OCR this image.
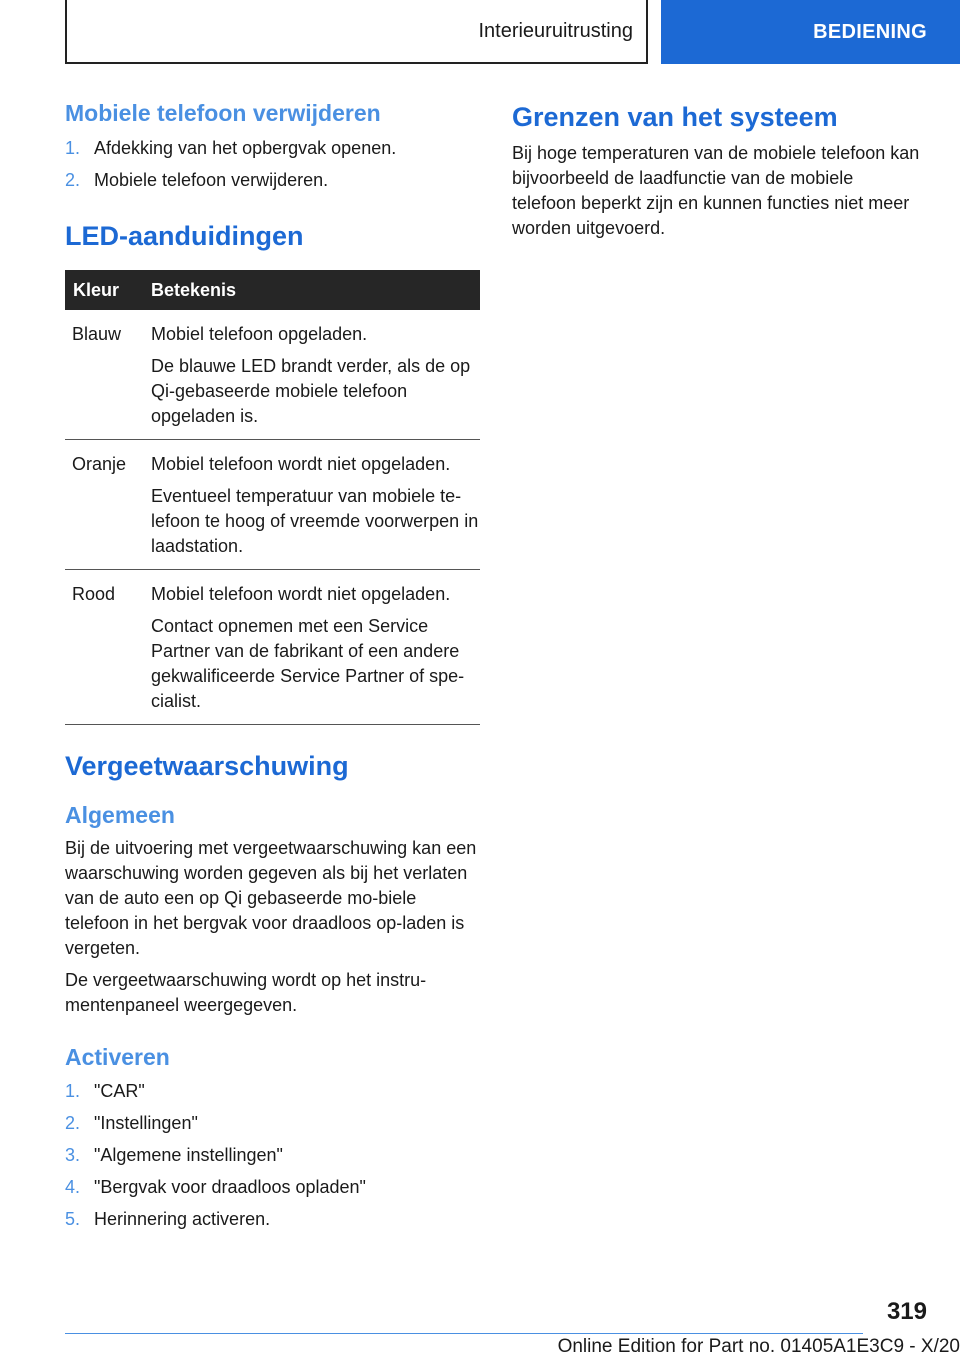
Interieuruitrusting	BEDIENING
Mobiele telefoon verwijderen
1. Afdekking van het opbergvak openen.
2. Mobiele telefoon verwijderen.
LED-aanduidingen
Kleur	Betekenis
Blauw	Mobiel telefoon opgeladen.

De blauwe LED brandt verder, als de op Qi-gebaseerde mobiele telefoon opgeladen is.

Oranje	Mobiel telefoon wordt niet opgeladen.

Eventueel temperatuur van mobiele te-lefoon te hoog of vreemde voorwerpen in laadstation.

Rood	Mobiel telefoon wordt niet opgeladen.

Contact opnemen met een Service Partner van de fabrikant of een andere gekwalificeerde Service Partner of spe-cialist.

Vergeetwaarschuwing
Algemeen

Bij de uitvoering met vergeetwaarschuwing kan een waarschuwing worden gegeven als bij het verlaten van de auto een op Qi gebaseerde mo-biele telefoon in het bergvak voor draadloos op-laden is vergeten.

De vergeetwaarschuwing wordt op het instru-mentenpaneel weergegeven.

Activeren
1. "CAR"
2. "Instellingen"
3. "Algemene instellingen"
4. "Bergvak voor draadloos opladen"
5. Herinnering activeren.
Grenzen van het systeem

Bij hoge temperaturen van de mobiele telefoon kan bijvoorbeeld de laadfunctie van de mobiele telefoon beperkt zijn en kunnen functies niet meer worden uitgevoerd.

319
Online Edition for Part no. 01405A1E3C9 - X/20
